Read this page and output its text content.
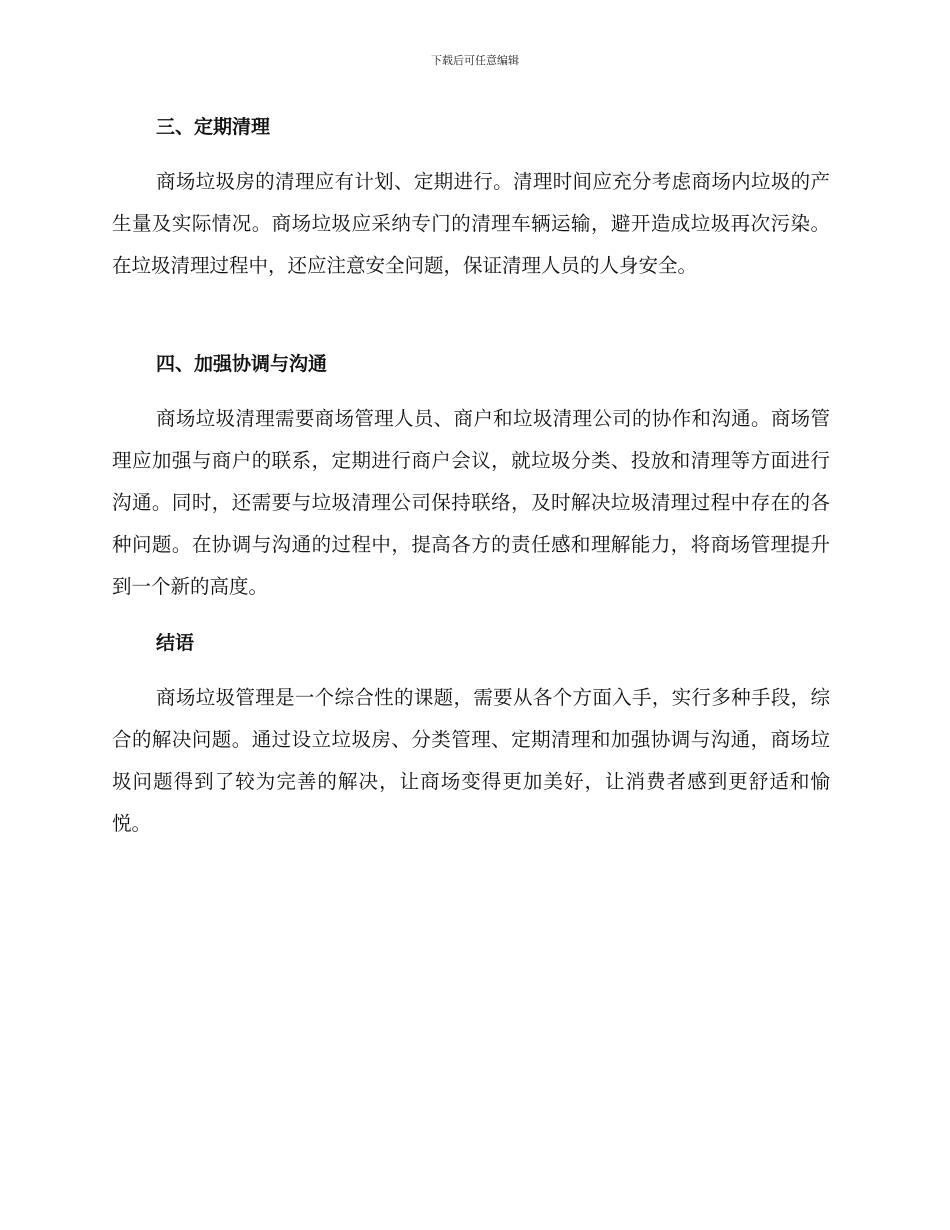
下载后可任意编辑
三、定期清理

商场垃圾房的清理应有计划、定期进行。清理时间应充分考虑商场内垃圾的产生量及实际情况。商场垃圾应采纳专门的清理车辆运输，避开造成垃圾再次污染。在垃圾清理过程中，还应注意安全问题，保证清理人员的人身安全。

四、加强协调与沟通

商场垃圾清理需要商场管理人员、商户和垃圾清理公司的协作和沟通。商场管理应加强与商户的联系，定期进行商户会议，就垃圾分类、投放和清理等方面进行沟通。同时，还需要与垃圾清理公司保持联络，及时解决垃圾清理过程中存在的各种问题。在协调与沟通的过程中，提高各方的责任感和理解能力，将商场管理提升到一个新的高度。

结语

商场垃圾管理是一个综合性的课题，需要从各个方面入手，实行多种手段，综合的解决问题。通过设立垃圾房、分类管理、定期清理和加强协调与沟通，商场垃圾问题得到了较为完善的解决，让商场变得更加美好，让消费者感到更舒适和愉悦。
